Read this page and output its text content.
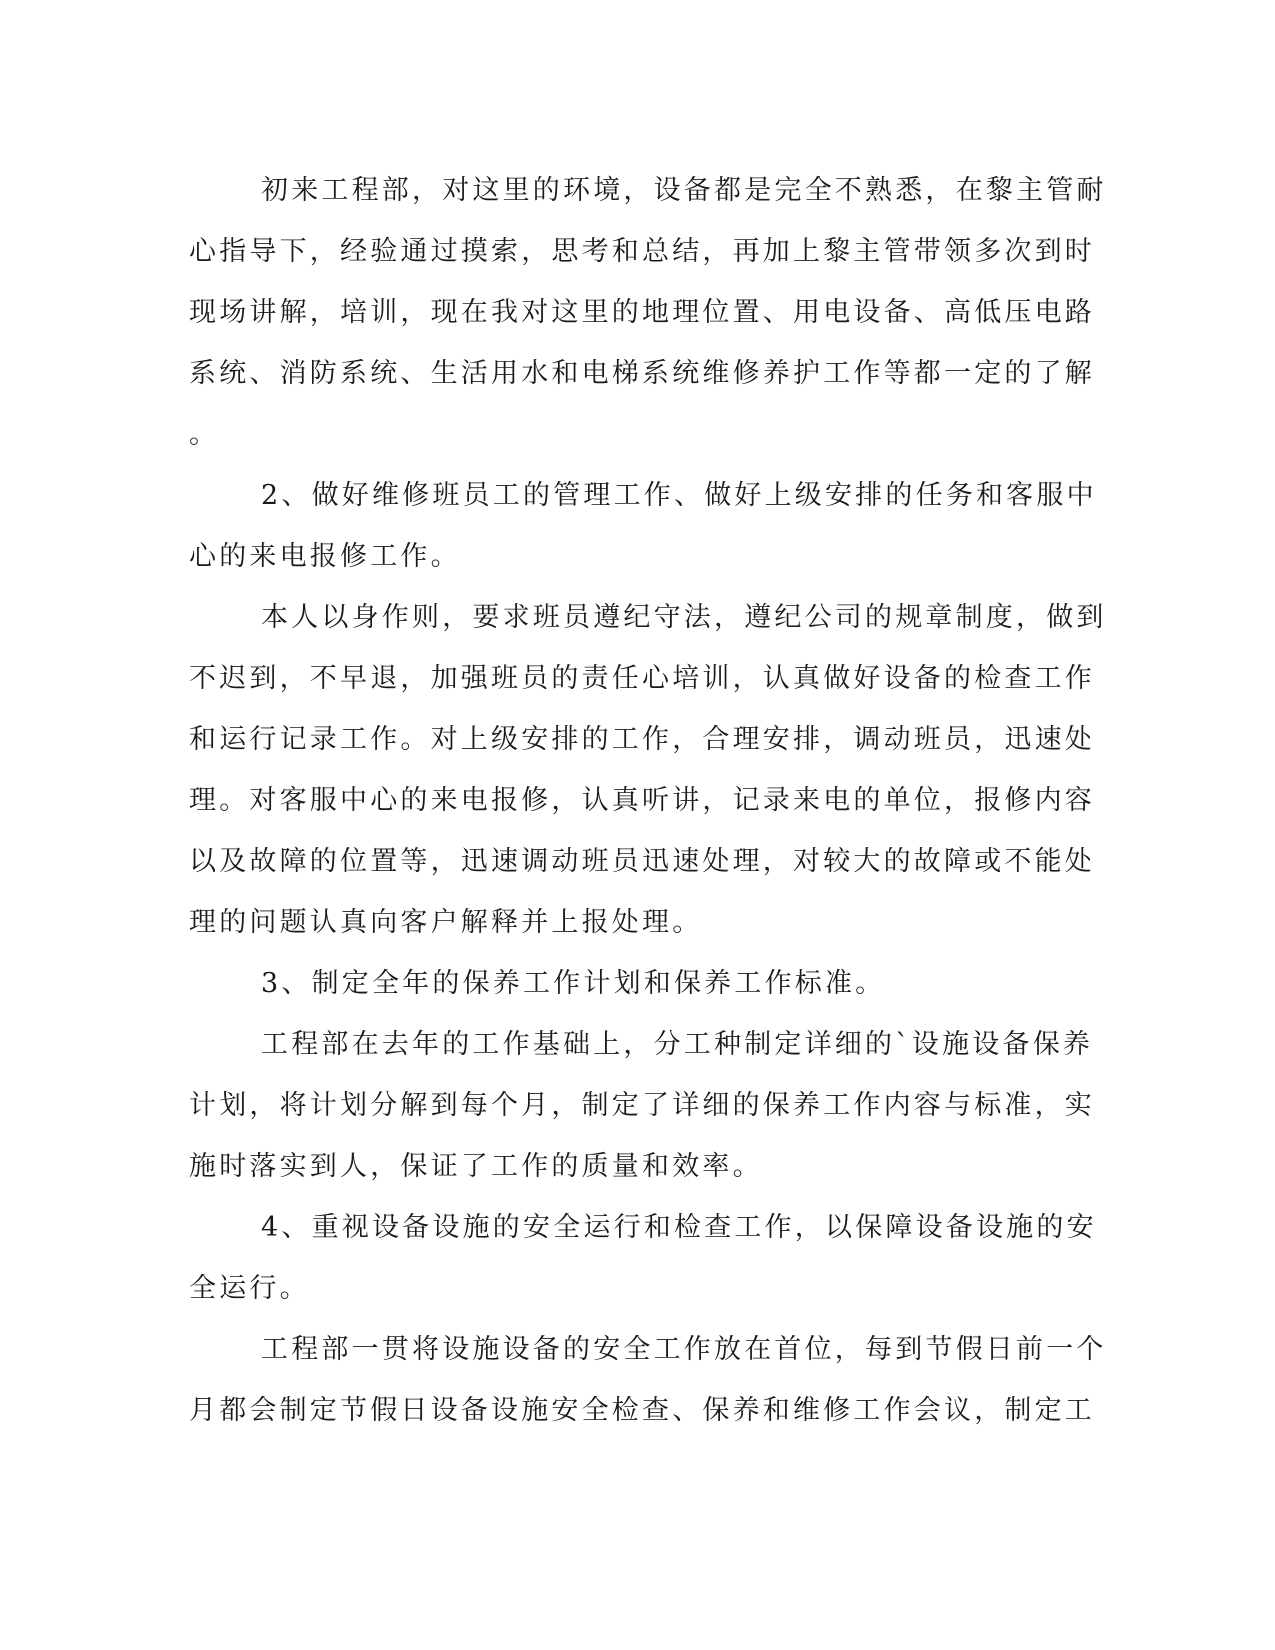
初来工程部，对这里的环境，设备都是完全不熟悉，在黎主管耐
心指导下，经验通过摸索，思考和总结，再加上黎主管带领多次到时
现场讲解，培训，现在我对这里的地理位置、用电设备、高低压电路
系统、消防系统、生活用水和电梯系统维修养护工作等都一定的了解
。
2、做好维修班员工的管理工作、做好上级安排的任务和客服中
心的来电报修工作。
本人以身作则，要求班员遵纪守法，遵纪公司的规章制度，做到
不迟到，不早退，加强班员的责任心培训，认真做好设备的检查工作
和运行记录工作。对上级安排的工作，合理安排，调动班员，迅速处
理。对客服中心的来电报修，认真听讲，记录来电的单位，报修内容
以及故障的位置等，迅速调动班员迅速处理，对较大的故障或不能处
理的问题认真向客户解释并上报处理。
3、制定全年的保养工作计划和保养工作标准。
工程部在去年的工作基础上，分工种制定详细的`设施设备保养
计划，将计划分解到每个月，制定了详细的保养工作内容与标准，实
施时落实到人，保证了工作的质量和效率。
4、重视设备设施的安全运行和检查工作，以保障设备设施的安
全运行。
工程部一贯将设施设备的安全工作放在首位，每到节假日前一个
月都会制定节假日设备设施安全检查、保养和维修工作会议，制定工
